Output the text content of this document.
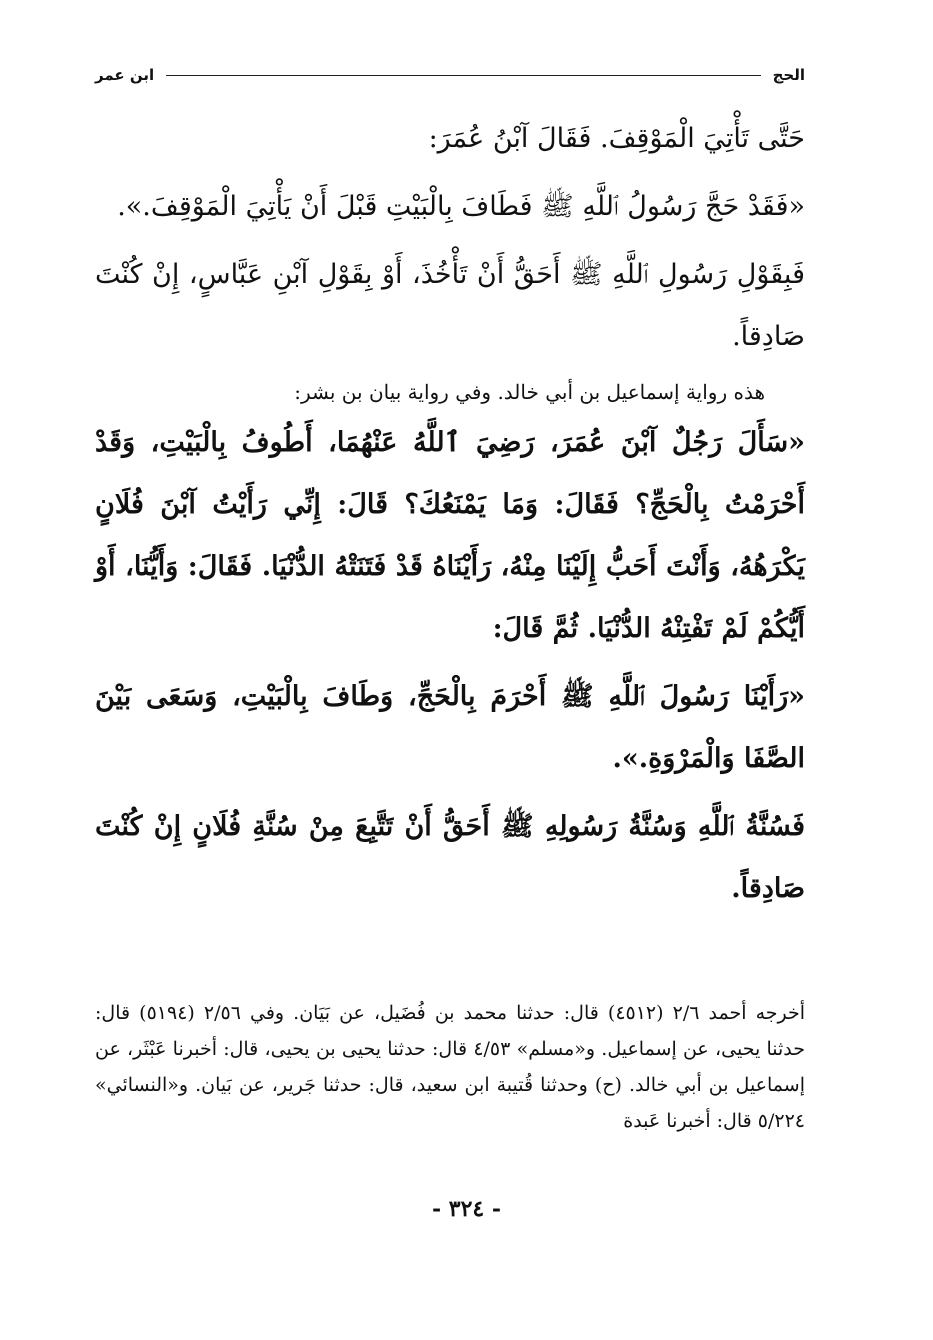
الحج
ابن عمر

حَتَّى تَأْتِيَ الْمَوْقِفَ. فَقَالَ آبْنُ عُمَرَ:

«فَقَدْ حَجَّ رَسُولُ ٱللَّهِ ﷺ فَطَافَ بِالْبَيْتِ قَبْلَ أَنْ يَأْتِيَ الْمَوْقِفَ.».

فَبِقَوْلِ رَسُولِ ٱللَّهِ ﷺ أَحَقُّ أَنْ تَأْخُذَ، أَوْ بِقَوْلِ آبْنِ عَبَّاسٍ، إِنْ كُنْتَ صَادِقاً.

هذه رواية إسماعيل بن أبي خالد. وفي رواية بيان بن بشر:

«سَأَلَ رَجُلٌ آبْنَ عُمَرَ، رَضِيَ ٱللَّهُ عَنْهُمَا، أَطُوفُ بِالْبَيْتِ، وَقَدْ أَحْرَمْتُ بِالْحَجِّ؟ فَقَالَ: وَمَا يَمْنَعُكَ؟ قَالَ: إِنِّي رَأَيْتُ آبْنَ فُلَانٍ يَكْرَهُهُ، وَأَنْتَ أَحَبُّ إِلَيْنَا مِنْهُ، رَأَيْنَاهُ قَدْ فَتَنَتْهُ الدُّنْيَا. فَقَالَ: وَأَيُّنَا، أَوْ أَيُّكُمْ لَمْ تَفْتِنْهُ الدُّنْيَا. ثُمَّ قَالَ:

«رَأَيْنَا رَسُولَ ٱللَّهِ ﷺ أَحْرَمَ بِالْحَجِّ، وَطَافَ بِالْبَيْتِ، وَسَعَى بَيْنَ الصَّفَا وَالْمَرْوَةِ.».

فَسُنَّةُ ٱللَّهِ وَسُنَّةُ رَسُولِهِ ﷺ أَحَقُّ أَنْ تَتَّبِعَ مِنْ سُنَّةِ فُلَانٍ إِنْ كُنْتَ صَادِقاً.

أخرجه أحمد ٢/٦ (٤٥١٢) قال: حدثنا محمد بن فُضَيل، عن بَيَان. وفي ٢/٥٦ (٥١٩٤) قال: حدثنا يحيى، عن إسماعيل. و«مسلم» ٤/٥٣ قال: حدثنا يحيى بن يحيى، قال: أخبرنا عَبْثَر، عن إسماعيل بن أبي خالد. (ح) وحدثنا قُتيبة ابن سعيد، قال: حدثنا جَرير، عن بَيان. و«النسائي» ٥/٢٢٤ قال: أخبرنا عَبدة

- ٣٢٤ -
